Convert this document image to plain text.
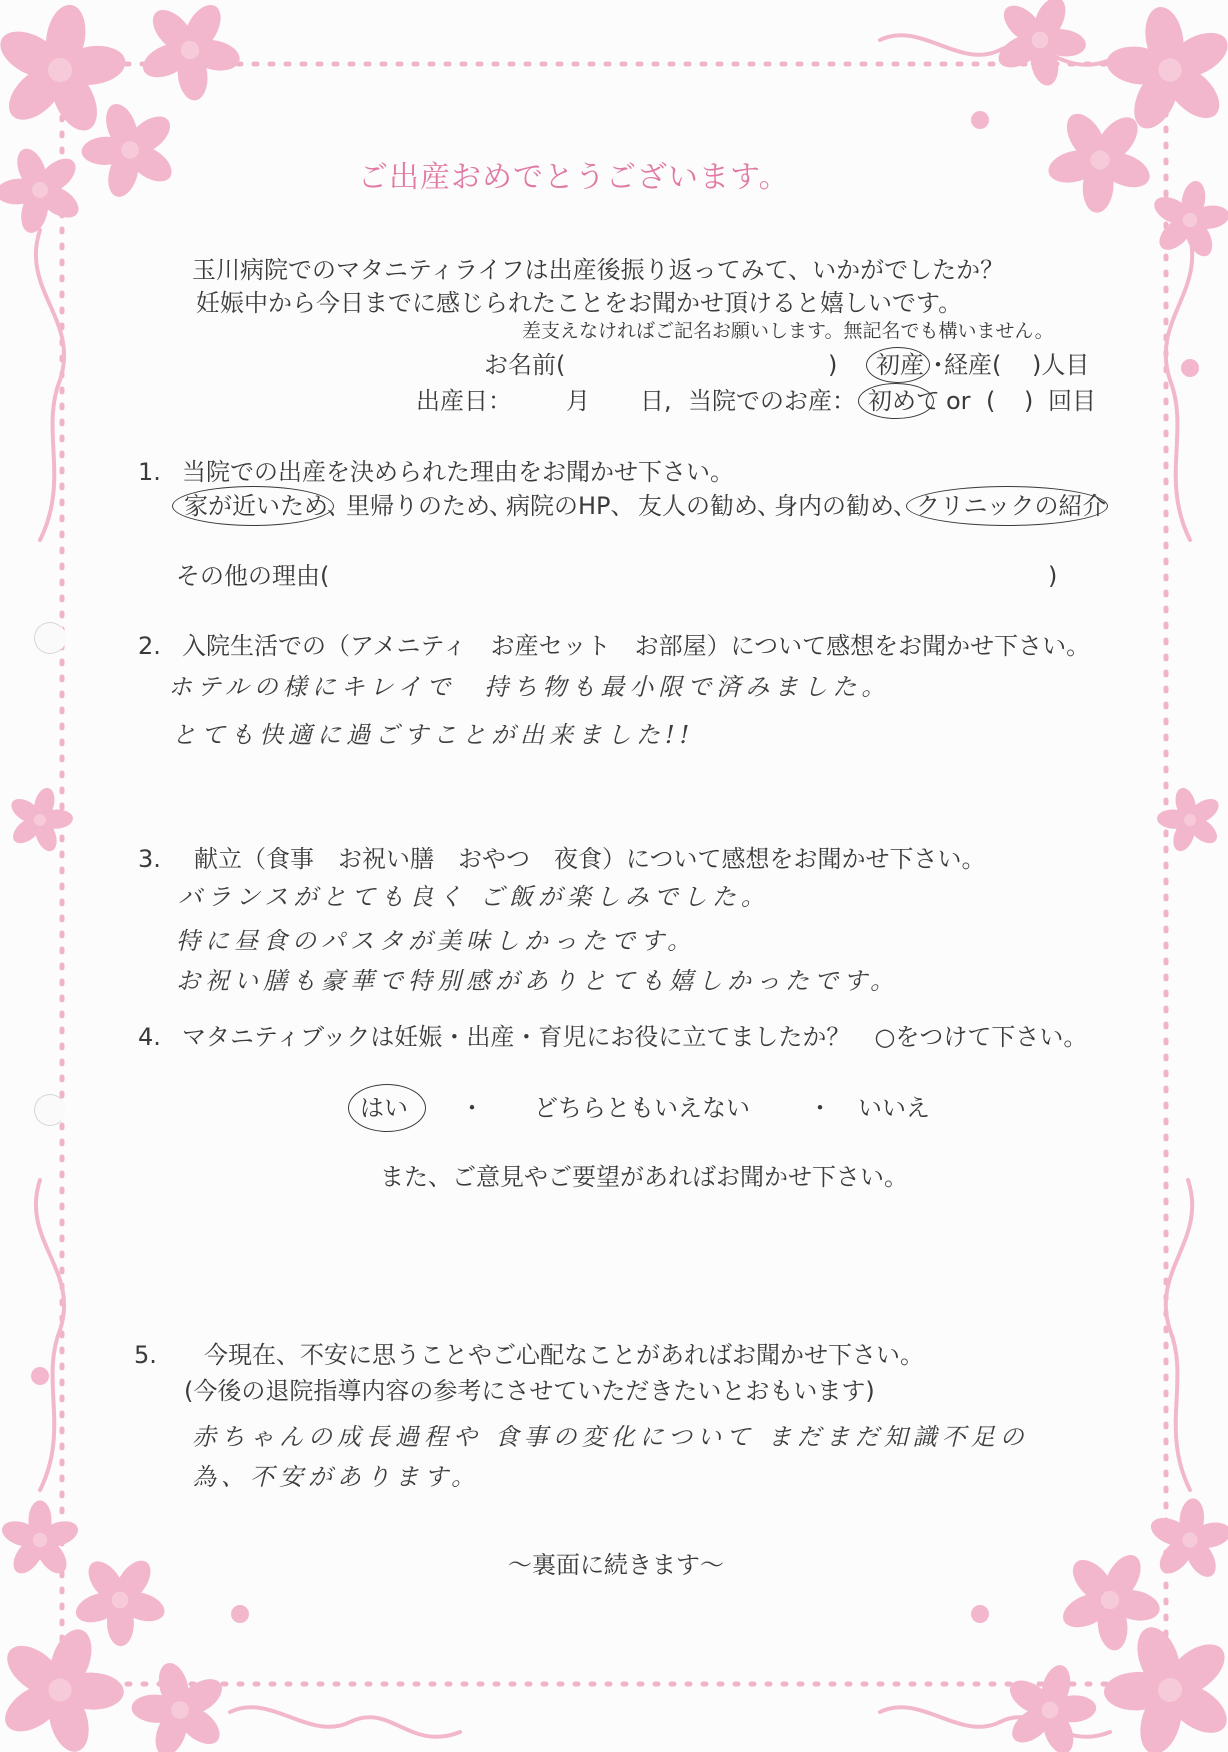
ご出産おめでとうございます。
玉川病院でのマタニティライフは出産後振り返ってみて、いかがでしたか？
妊娠中から今日までに感じられたことをお聞かせ頂けると嬉しいです。
差支えなければご記名お願いします。無記名でも構いません。
お名前(	) 初産 ・
経産( )人目
出産日： 月 日, 当院でのお産： 初めて or ( ) 回目
1. 当院での出産を決められた理由をお聞かせ下さい。
家が近いため、
里帰りのため、
病院のHP、 友人の勧め、
身内の勧め、
クリニックの紹介
その他の理由(	)
2. 入院生活での（アメニティ　お産セット　お部屋）について感想をお聞かせ下さい。
ホテルの様にキレイで　持ち物も最小限で済みました。
とても快適に過ごすことが出来ました!!
3. 献立（食事　お祝い膳　おやつ　夜食）について感想をお聞かせ下さい。
バランスがとても良く ご飯が楽しみでした。
特に昼食のパスタが美味しかったです。
お祝い膳も豪華で特別感がありとても嬉しかったです。
4. マタニティブックは妊娠・出産・育児にお役に立てましたか？　○をつけて下さい。
はい ・ どちらともいえない ・ いいえ
また、ご意見やご要望があればお聞かせ下さい。
5. 今現在、不安に思うことやご心配なことがあればお聞かせ下さい。
(今後の退院指導内容の参考にさせていただきたいとおもいます)
赤ちゃんの成長過程や 食事の変化について まだまだ知識不足の
為、不安があります。
〜裏面に続きます〜
